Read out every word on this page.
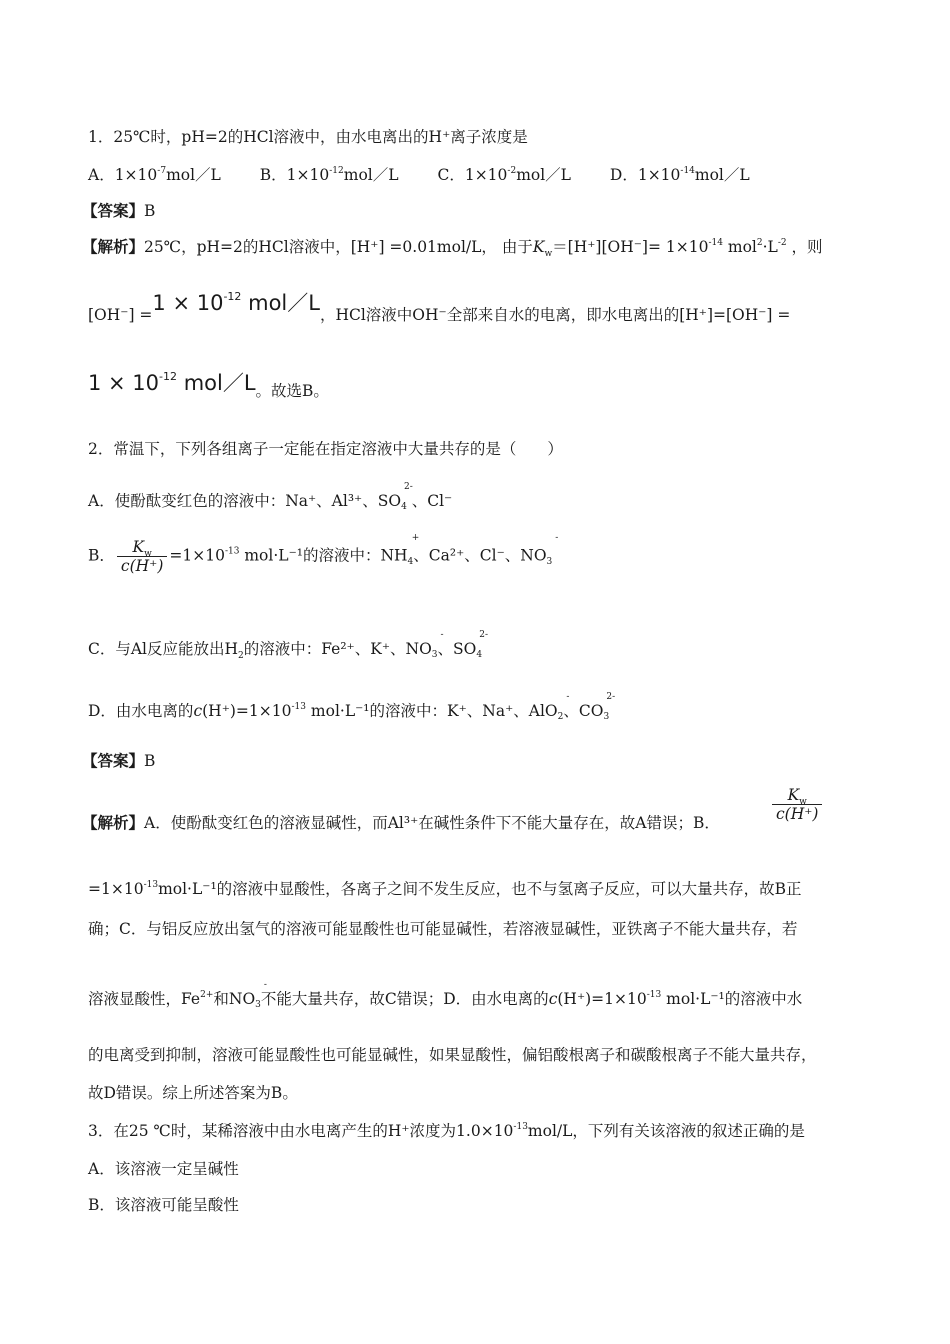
1．25℃时，pH=2的HCl溶液中，由水电离出的H⁺离子浓度是
A．$1\times 10^{-7}mol/L$	B．$1\times 10^{-12}mol/L$	C．$1\times 10^{-2}mol/L$	D．$1\times 10^{-14}mol/L$
【答案】B
【解析】25℃，pH=2的HCl溶液中，[H⁺] =0.01mol/L， 由于$K_w=[H^+][OH^-]= 1\times 10^{-14}$ $mol^2\cdot L^{-2}$ ，则
$[OH^-] =1 \times 10^{-12}$ mol／L，HCl溶液中OH⁻全部来自水的电离，即水电离出的[H⁺]=[OH⁻] =
$1 \times 10^{-12}$ mol／L。故选B。
2．常温下，下列各组离子一定能在指定溶液中大量共存的是（　　）
A．使酚酞变红色的溶液中：Na⁺、Al³⁺、SO4
2-
、Cl⁻
B． $\frac{K_w}{c(H^+)} =1\times 10^{-13}$ mol·L⁻¹的溶液中：NH4
+
、Ca²⁺、Cl⁻、NO3
-
C．与Al反应能放出$H_2$的溶液中：Fe²⁺、K⁺、NO3
-
、SO4
2-
D．由水电离的$c(H^+)=1\times 10^{-13}$ mol·L⁻¹的溶液中：K⁺、Na⁺、AlO2
-
、CO3
2-
【答案】B
【解析】A．使酚酞变红色的溶液显碱性，而Al³⁺在碱性条件下不能大量存在，故A错误；B．	$\frac{K_w}{c(H^+)}$
$=1\times 10^{-13}mol\cdot L^{-1}$的溶液中显酸性，各离子之间不发生反应，也不与氢离子反应，可以大量共存，故B正
确；C．与铝反应放出氢气的溶液可能显酸性也可能显碱性，若溶液显碱性，亚铁离子不能大量共存，若
溶液显酸性，$Fe^{2+}$和NO3
-
不能大量共存，故C错误；D．由水电离的$c(H^+)=1\times 10^{-13}$ mol·L⁻¹的溶液中水
的电离受到抑制，溶液可能显酸性也可能显碱性，如果显酸性，偏铝酸根离子和碳酸根离子不能大量共存，
故D错误。综上所述答案为B。
3．在25 ℃时，某稀溶液中由水电离产生的H⁺浓度为$1.0\times 10^{-13}mol/L$，下列有关该溶液的叙述正确的是
A．该溶液一定呈碱性
B．该溶液可能呈酸性
